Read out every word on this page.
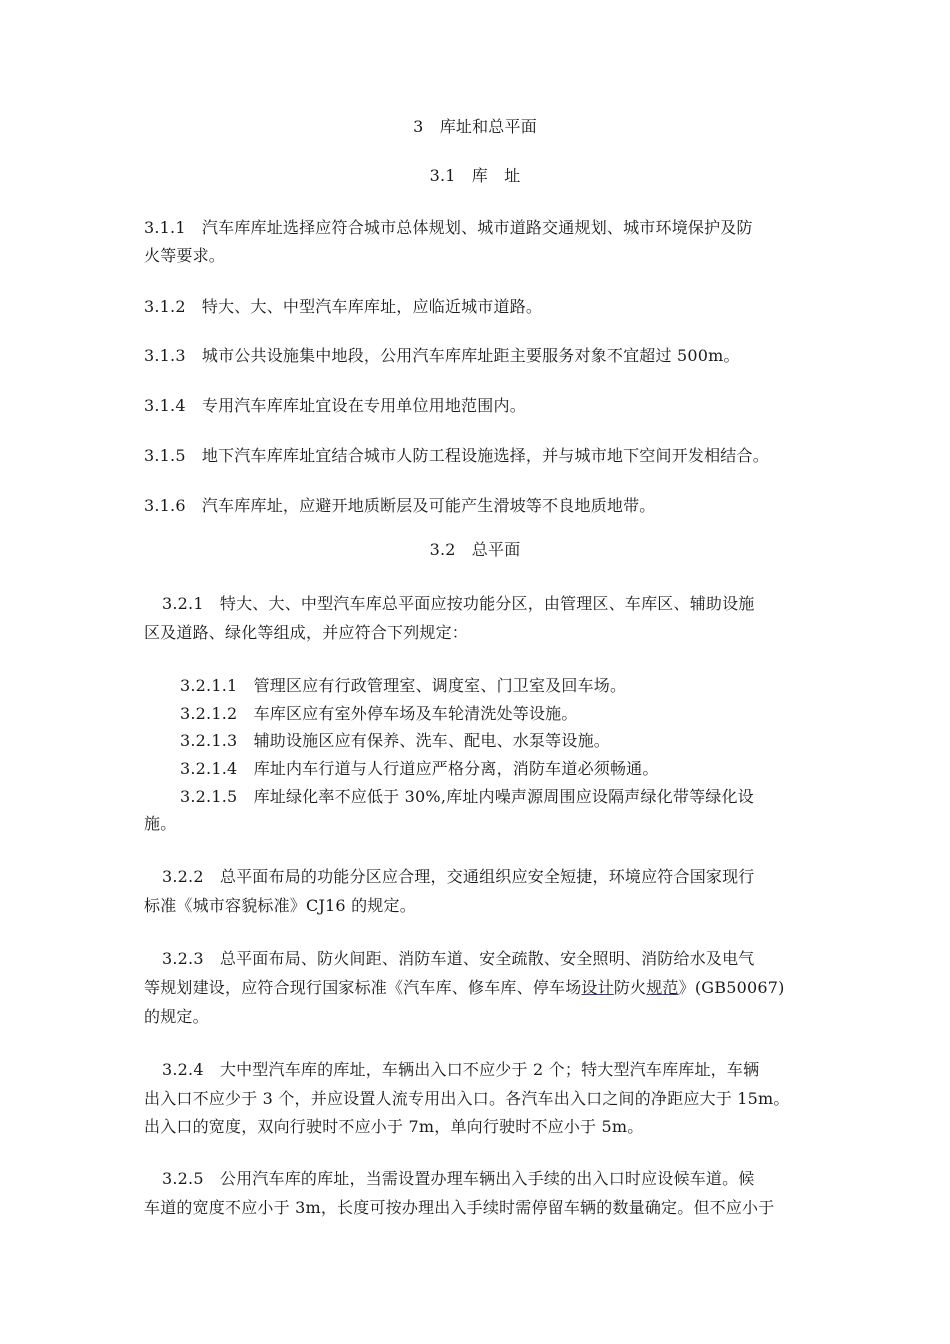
3　库址和总平面
3.1　库　址
3.1.1　汽车库库址选择应符合城市总体规划、城市道路交通规划、城市环境保护及防
火等要求。
3.1.2　特大、大、中型汽车库库址，应临近城市道路。
3.1.3　城市公共设施集中地段，公用汽车库库址距主要服务对象不宜超过 500m。
3.1.4　专用汽车库库址宜设在专用单位用地范围内。
3.1.5　地下汽车库库址宜结合城市人防工程设施选择，并与城市地下空间开发相结合。
3.1.6　汽车库库址，应避开地质断层及可能产生滑坡等不良地质地带。
3.2　总平面
3.2.1　特大、大、中型汽车库总平面应按功能分区，由管理区、车库区、辅助设施
区及道路、绿化等组成，并应符合下列规定：
3.2.1.1　管理区应有行政管理室、调度室、门卫室及回车场。
3.2.1.2　车库区应有室外停车场及车轮清洗处等设施。
3.2.1.3　辅助设施区应有保养、洗车、配电、水泵等设施。
3.2.1.4　库址内车行道与人行道应严格分离，消防车道必须畅通。
3.2.1.5　库址绿化率不应低于 30%,库址内噪声源周围应设隔声绿化带等绿化设
施。
3.2.2　总平面布局的功能分区应合理，交通组织应安全短捷，环境应符合国家现行
标准《城市容貌标准》CJ16 的规定。
3.2.3　总平面布局、防火间距、消防车道、安全疏散、安全照明、消防给水及电气
等规划建设，应符合现行国家标准《汽车库、修车库、停车场设计防火规范》(GB50067)
的规定。
3.2.4　大中型汽车库的库址，车辆出入口不应少于 2 个；特大型汽车库库址，车辆
出入口不应少于 3 个，并应设置人流专用出入口。各汽车出入口之间的净距应大于 15m。
出入口的宽度，双向行驶时不应小于 7m，单向行驶时不应小于 5m。
3.2.5　公用汽车库的库址，当需设置办理车辆出入手续的出入口时应设候车道。候
车道的宽度不应小于 3m，长度可按办理出入手续时需停留车辆的数量确定。但不应小于
